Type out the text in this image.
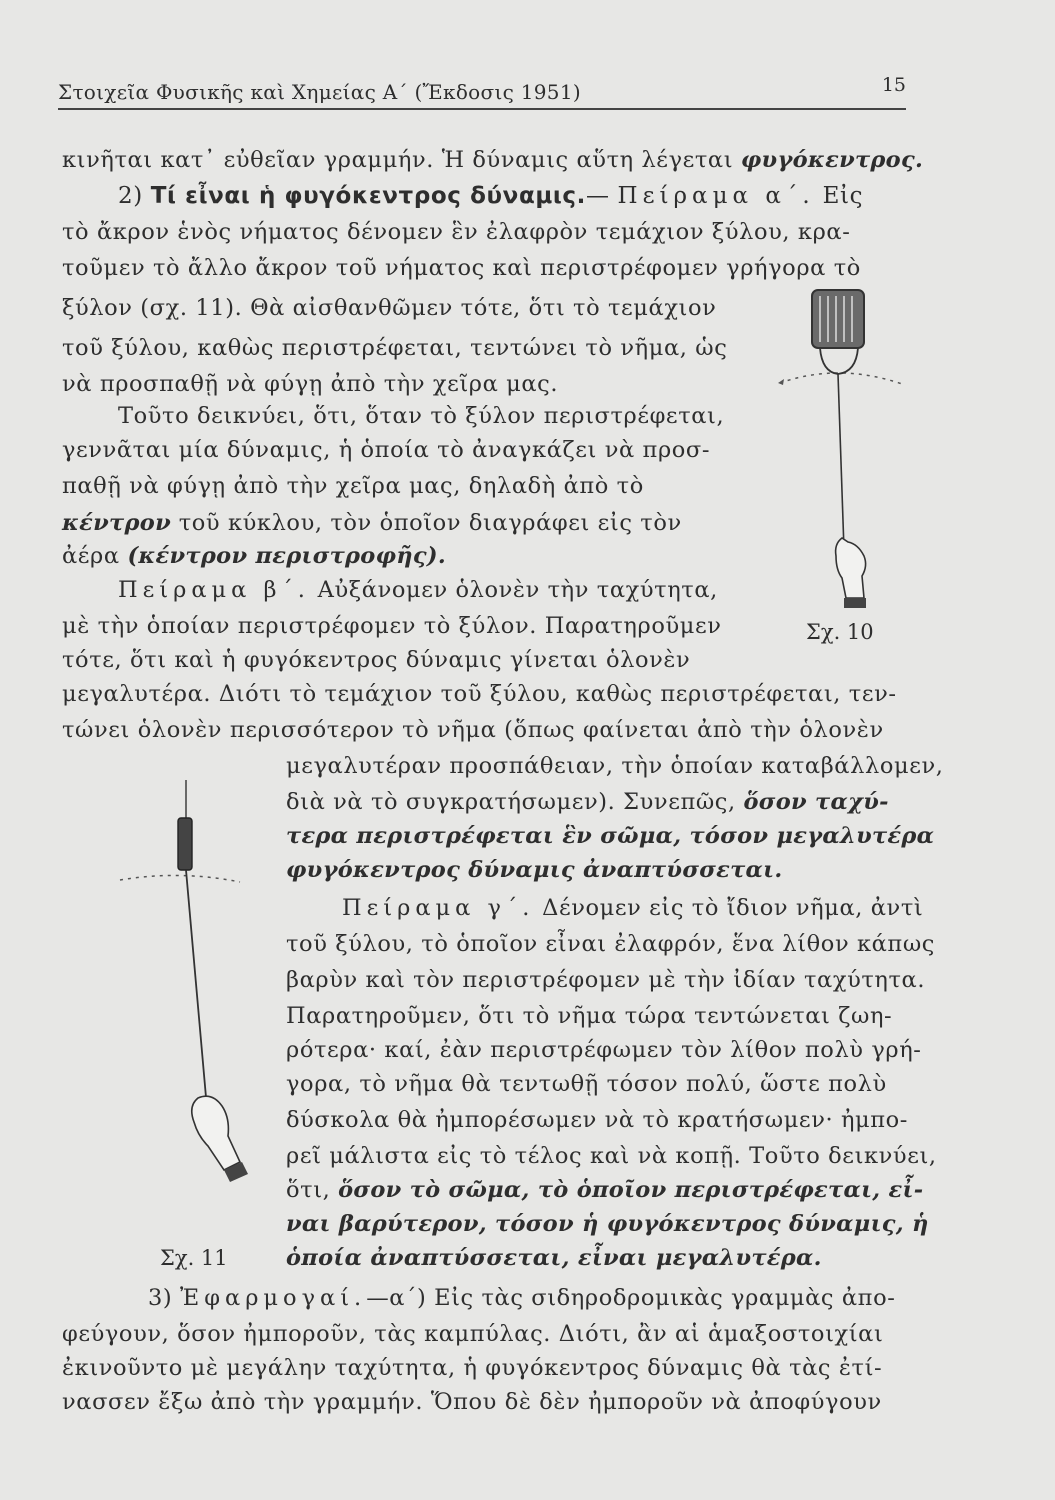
Στοιχεῖα Φυσικῆς καὶ Χημείας Α΄ (Ἔκδοσις 1951)	15
κινῆται κατ᾿ εὐθεῖαν γραμμήν. Ἡ δύναμις αὕτη λέγεται φυγόκεντρος.
2) Τί εἶναι ἡ φυγόκεντρος δύναμις.— Πείραμα α΄. Εἰς
τὸ ἄκρον ἑνὸς νήματος δένομεν ἓν ἐλαφρὸν τεμάχιον ξύλου, κρα-
τοῦμεν τὸ ἄλλο ἄκρον τοῦ νήματος καὶ περιστρέφομεν γρήγορα τὸ
ξύλον (σχ. 11). Θὰ αἰσθανθῶμεν τότε, ὅτι τὸ τεμάχιον
τοῦ ξύλου, καθὼς περιστρέφεται, τεντώνει τὸ νῆμα, ὡς
νὰ προσπαθῇ νὰ φύγῃ ἀπὸ τὴν χεῖρα μας.
Τοῦτο δεικνύει, ὅτι, ὅταν τὸ ξύλον περιστρέφεται,
γεννᾶται μία δύναμις, ἡ ὁποία τὸ ἀναγκάζει νὰ προσ-
παθῇ νὰ φύγῃ ἀπὸ τὴν χεῖρα μας, δηλαδὴ ἀπὸ τὸ
κέντρον τοῦ κύκλου, τὸν ὁποῖον διαγράφει εἰς τὸν
ἀέρα (κέντρον περιστροφῆς).
Πείραμα β΄. Αὐξάνομεν ὁλονὲν τὴν ταχύτητα,
μὲ τὴν ὁποίαν περιστρέφομεν τὸ ξύλον. Παρατηροῦμεν
τότε, ὅτι καὶ ἡ φυγόκεντρος δύναμις γίνεται ὁλονὲν
μεγαλυτέρα. Διότι τὸ τεμάχιον τοῦ ξύλου, καθὼς περιστρέφεται, τεν-
τώνει ὁλονὲν περισσότερον τὸ νῆμα (ὅπως φαίνεται ἀπὸ τὴν ὁλονὲν
μεγαλυτέραν προσπάθειαν, τὴν ὁποίαν καταβάλλομεν,
διὰ νὰ τὸ συγκρατήσωμεν). Συνεπῶς, ὅσον ταχύ-
τερα περιστρέφεται ἓν σῶμα, τόσον μεγαλυτέρα
φυγόκεντρος δύναμις ἀναπτύσσεται.
Πείραμα γ΄. Δένομεν εἰς τὸ ἴδιον νῆμα, ἀντὶ
τοῦ ξύλου, τὸ ὁποῖον εἶναι ἐλαφρόν, ἕνα λίθον κάπως
βαρὺν καὶ τὸν περιστρέφομεν μὲ τὴν ἰδίαν ταχύτητα.
Παρατηροῦμεν, ὅτι τὸ νῆμα τώρα τεντώνεται ζωη-
ρότερα· καί, ἐὰν περιστρέφωμεν τὸν λίθον πολὺ γρή-
γορα, τὸ νῆμα θὰ τεντωθῇ τόσον πολύ, ὥστε πολὺ
δύσκολα θὰ ἠμπορέσωμεν νὰ τὸ κρατήσωμεν· ἠμπο-
ρεῖ μάλιστα εἰς τὸ τέλος καὶ νὰ κοπῇ. Τοῦτο δεικνύει,
ὅτι, ὅσον τὸ σῶμα, τὸ ὁποῖον περιστρέφεται, εἶ-
ναι βαρύτερον, τόσον ἡ φυγόκεντρος δύναμις, ἡ
ὁποία ἀναπτύσσεται, εἶναι μεγαλυτέρα.
3) Ἐφαρμογαί.—α΄) Εἰς τὰς σιδηροδρομικὰς γραμμὰς ἀπο-
φεύγουν, ὅσον ἠμποροῦν, τὰς καμπύλας. Διότι, ἂν αἱ ἁμαξοστοιχίαι
ἐκινοῦντο μὲ μεγάλην ταχύτητα, ἡ φυγόκεντρος δύναμις θὰ τὰς ἐτί-
νασσεν ἔξω ἀπὸ τὴν γραμμήν. Ὅπου δὲ δὲν ἠμποροῦν νὰ ἀποφύγουν
Σχ. 10
Σχ. 11
